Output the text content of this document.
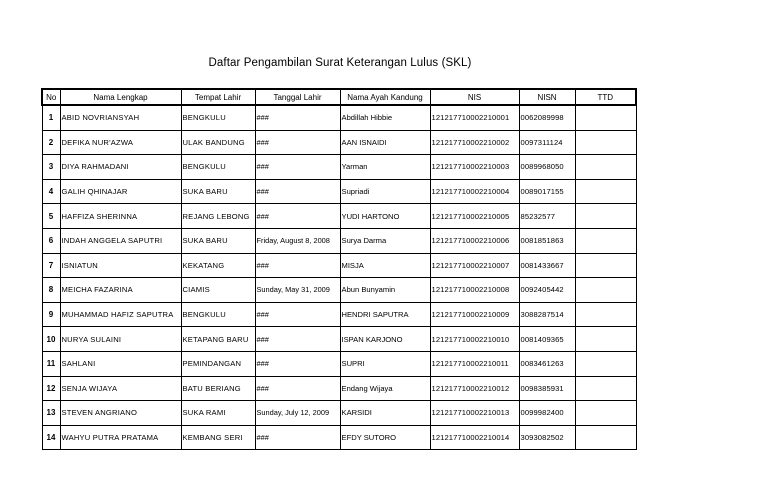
Daftar Pengambilan Surat Keterangan Lulus (SKL)
No	Nama Lengkap	Tempat Lahir	Tanggal Lahir	Nama Ayah Kandung	NIS	NISN	TTD
1	ABID NOVRIANSYAH	BENGKULU	###	Abdillah Hibbie	121217710002210001	0062089998	
2	DEFIKA NUR'AZWA	ULAK BANDUNG	###	AAN ISNAIDI	121217710002210002	0097311124	
3	DIYA RAHMADANI	BENGKULU	###	Yarman	121217710002210003	0089968050	
4	GALIH QHINAJAR	SUKA BARU	###	Supriadi	121217710002210004	0089017155	
5	HAFFIZA SHERINNA	REJANG LEBONG	###	YUDI HARTONO	121217710002210005	85232577	
6	INDAH ANGGELA SAPUTRI	SUKA BARU	Friday, August 8, 2008	Surya Darma	121217710002210006	0081851863	
7	ISNIATUN	KEKATANG	###	MISJA	121217710002210007	0081433667	
8	MEICHA FAZARINA	CIAMIS	Sunday, May 31, 2009	Abun Bunyamin	121217710002210008	0092405442	
9	MUHAMMAD HAFIZ SAPUTRA	BENGKULU	###	HENDRI SAPUTRA	121217710002210009	3088287514	
10	NURYA SULAINI	KETAPANG BARU	###	ISPAN KARJONO	121217710002210010	0081409365	
11	SAHLANI	PEMINDANGAN	###	SUPRI	121217710002210011	0083461263	
12	SENJA WIJAYA	BATU BERIANG	###	Endang Wijaya	121217710002210012	0098385931	
13	STEVEN ANGRIANO	SUKA RAMI	Sunday, July 12, 2009	KARSIDI	121217710002210013	0099982400	
14	WAHYU PUTRA PRATAMA	KEMBANG SERI	###	EFDY SUTORO	121217710002210014	3093082502	
